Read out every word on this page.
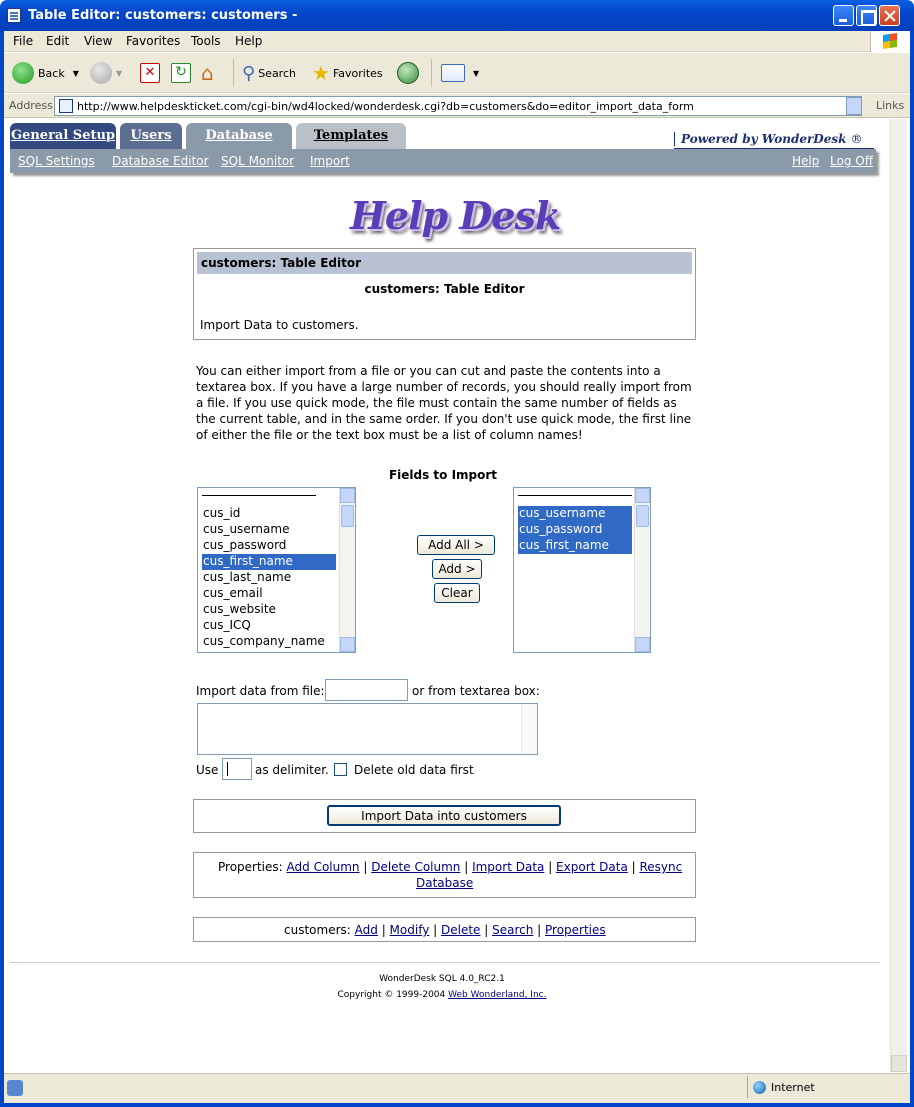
Table Editor: customers: customers -
File Edit View Favorites Tools Help
Back ▼	▼	✕	↻ ⌂ ⚲ Search ★ Favorites	▼
Address	http://www.helpdeskticket.com/cgi-bin/wd4locked/wonderdesk.cgi?db=customers&do=editor_import_data_form	Links
General Setup	Users	Database	Templates	Powered by WonderDesk ®
SQL Settings Database Editor SQL Monitor Import	Help Log Off
Help Desk
customers: Table Editor
customers: Table Editor
Import Data to customers.
You can either import from a file or you can cut and paste the contents into a textarea box. If you have a large number of records, you should really import from a file. If you use quick mode, the file must contain the same number of fields as the current table, and in the same order. If you don't use quick mode, the first line of either the file or the text box must be a list of column names!
Fields to Import
cus_id
cus_username
cus_password
cus_first_name
cus_last_name
cus_email
cus_website
cus_ICQ
cus_company_name
Add All >
Add >
Clear
cus_username
cus_password
cus_first_name
Import data from file:	or from textarea box:
Use	as delimiter. Delete old data first
Import Data into customers
Properties: Add Column | Delete Column | Import Data | Export Data | Resync
Database
customers: Add | Modify | Delete | Search | Properties
WonderDesk SQL 4.0_RC2.1
Copyright © 1999-2004 Web Wonderland, Inc.
Internet
